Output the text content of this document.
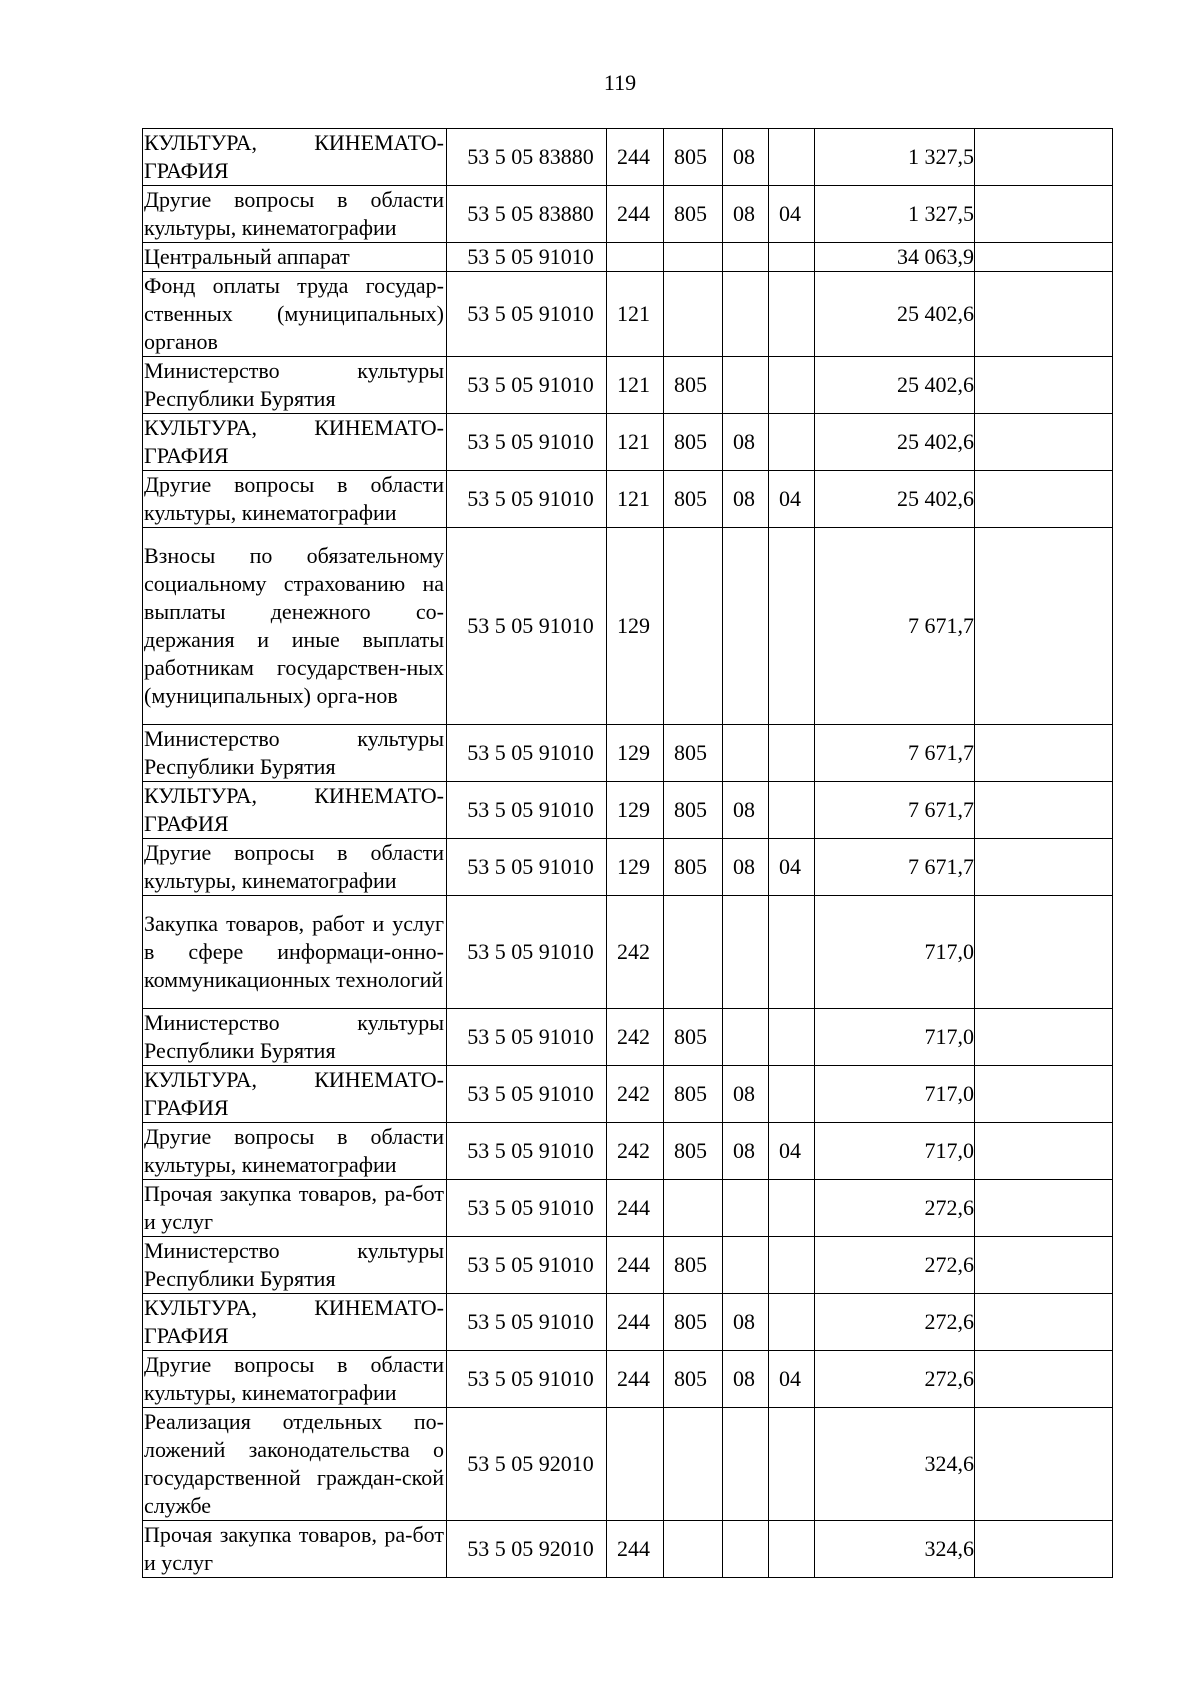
119
КУЛЬТУРА, КИНЕМАТО-ГРАФИЯ	53 5 05 83880	244	805	08		1 327,5	
Другие вопросы в области культуры, кинематографии	53 5 05 83880	244	805	08	04	1 327,5	
Центральный аппарат	53 5 05 91010					34 063,9	
Фонд оплаты труда государ-ственных (муниципальных) органов	53 5 05 91010	121				25 402,6	
Министерство культуры Республики Бурятия	53 5 05 91010	121	805			25 402,6	
КУЛЬТУРА, КИНЕМАТО-ГРАФИЯ	53 5 05 91010	121	805	08		25 402,6	
Другие вопросы в области культуры, кинематографии	53 5 05 91010	121	805	08	04	25 402,6	
Взносы по обязательному социальному страхованию на выплаты денежного со-держания и иные выплаты работникам государствен-ных (муниципальных) орга-нов	53 5 05 91010	129				7 671,7	
Министерство культуры Республики Бурятия	53 5 05 91010	129	805			7 671,7	
КУЛЬТУРА, КИНЕМАТО-ГРАФИЯ	53 5 05 91010	129	805	08		7 671,7	
Другие вопросы в области культуры, кинематографии	53 5 05 91010	129	805	08	04	7 671,7	
Закупка товаров, работ и услуг в сфере информаци-онно-коммуникационных технологий	53 5 05 91010	242				717,0	
Министерство культуры Республики Бурятия	53 5 05 91010	242	805			717,0	
КУЛЬТУРА, КИНЕМАТО-ГРАФИЯ	53 5 05 91010	242	805	08		717,0	
Другие вопросы в области культуры, кинематографии	53 5 05 91010	242	805	08	04	717,0	
Прочая закупка товаров, ра-бот и услуг	53 5 05 91010	244				272,6	
Министерство культуры Республики Бурятия	53 5 05 91010	244	805			272,6	
КУЛЬТУРА, КИНЕМАТО-ГРАФИЯ	53 5 05 91010	244	805	08		272,6	
Другие вопросы в области культуры, кинематографии	53 5 05 91010	244	805	08	04	272,6	
Реализация отдельных по-ложений законодательства о государственной граждан-ской службе	53 5 05 92010					324,6	
Прочая закупка товаров, ра-бот и услуг	53 5 05 92010	244				324,6	
